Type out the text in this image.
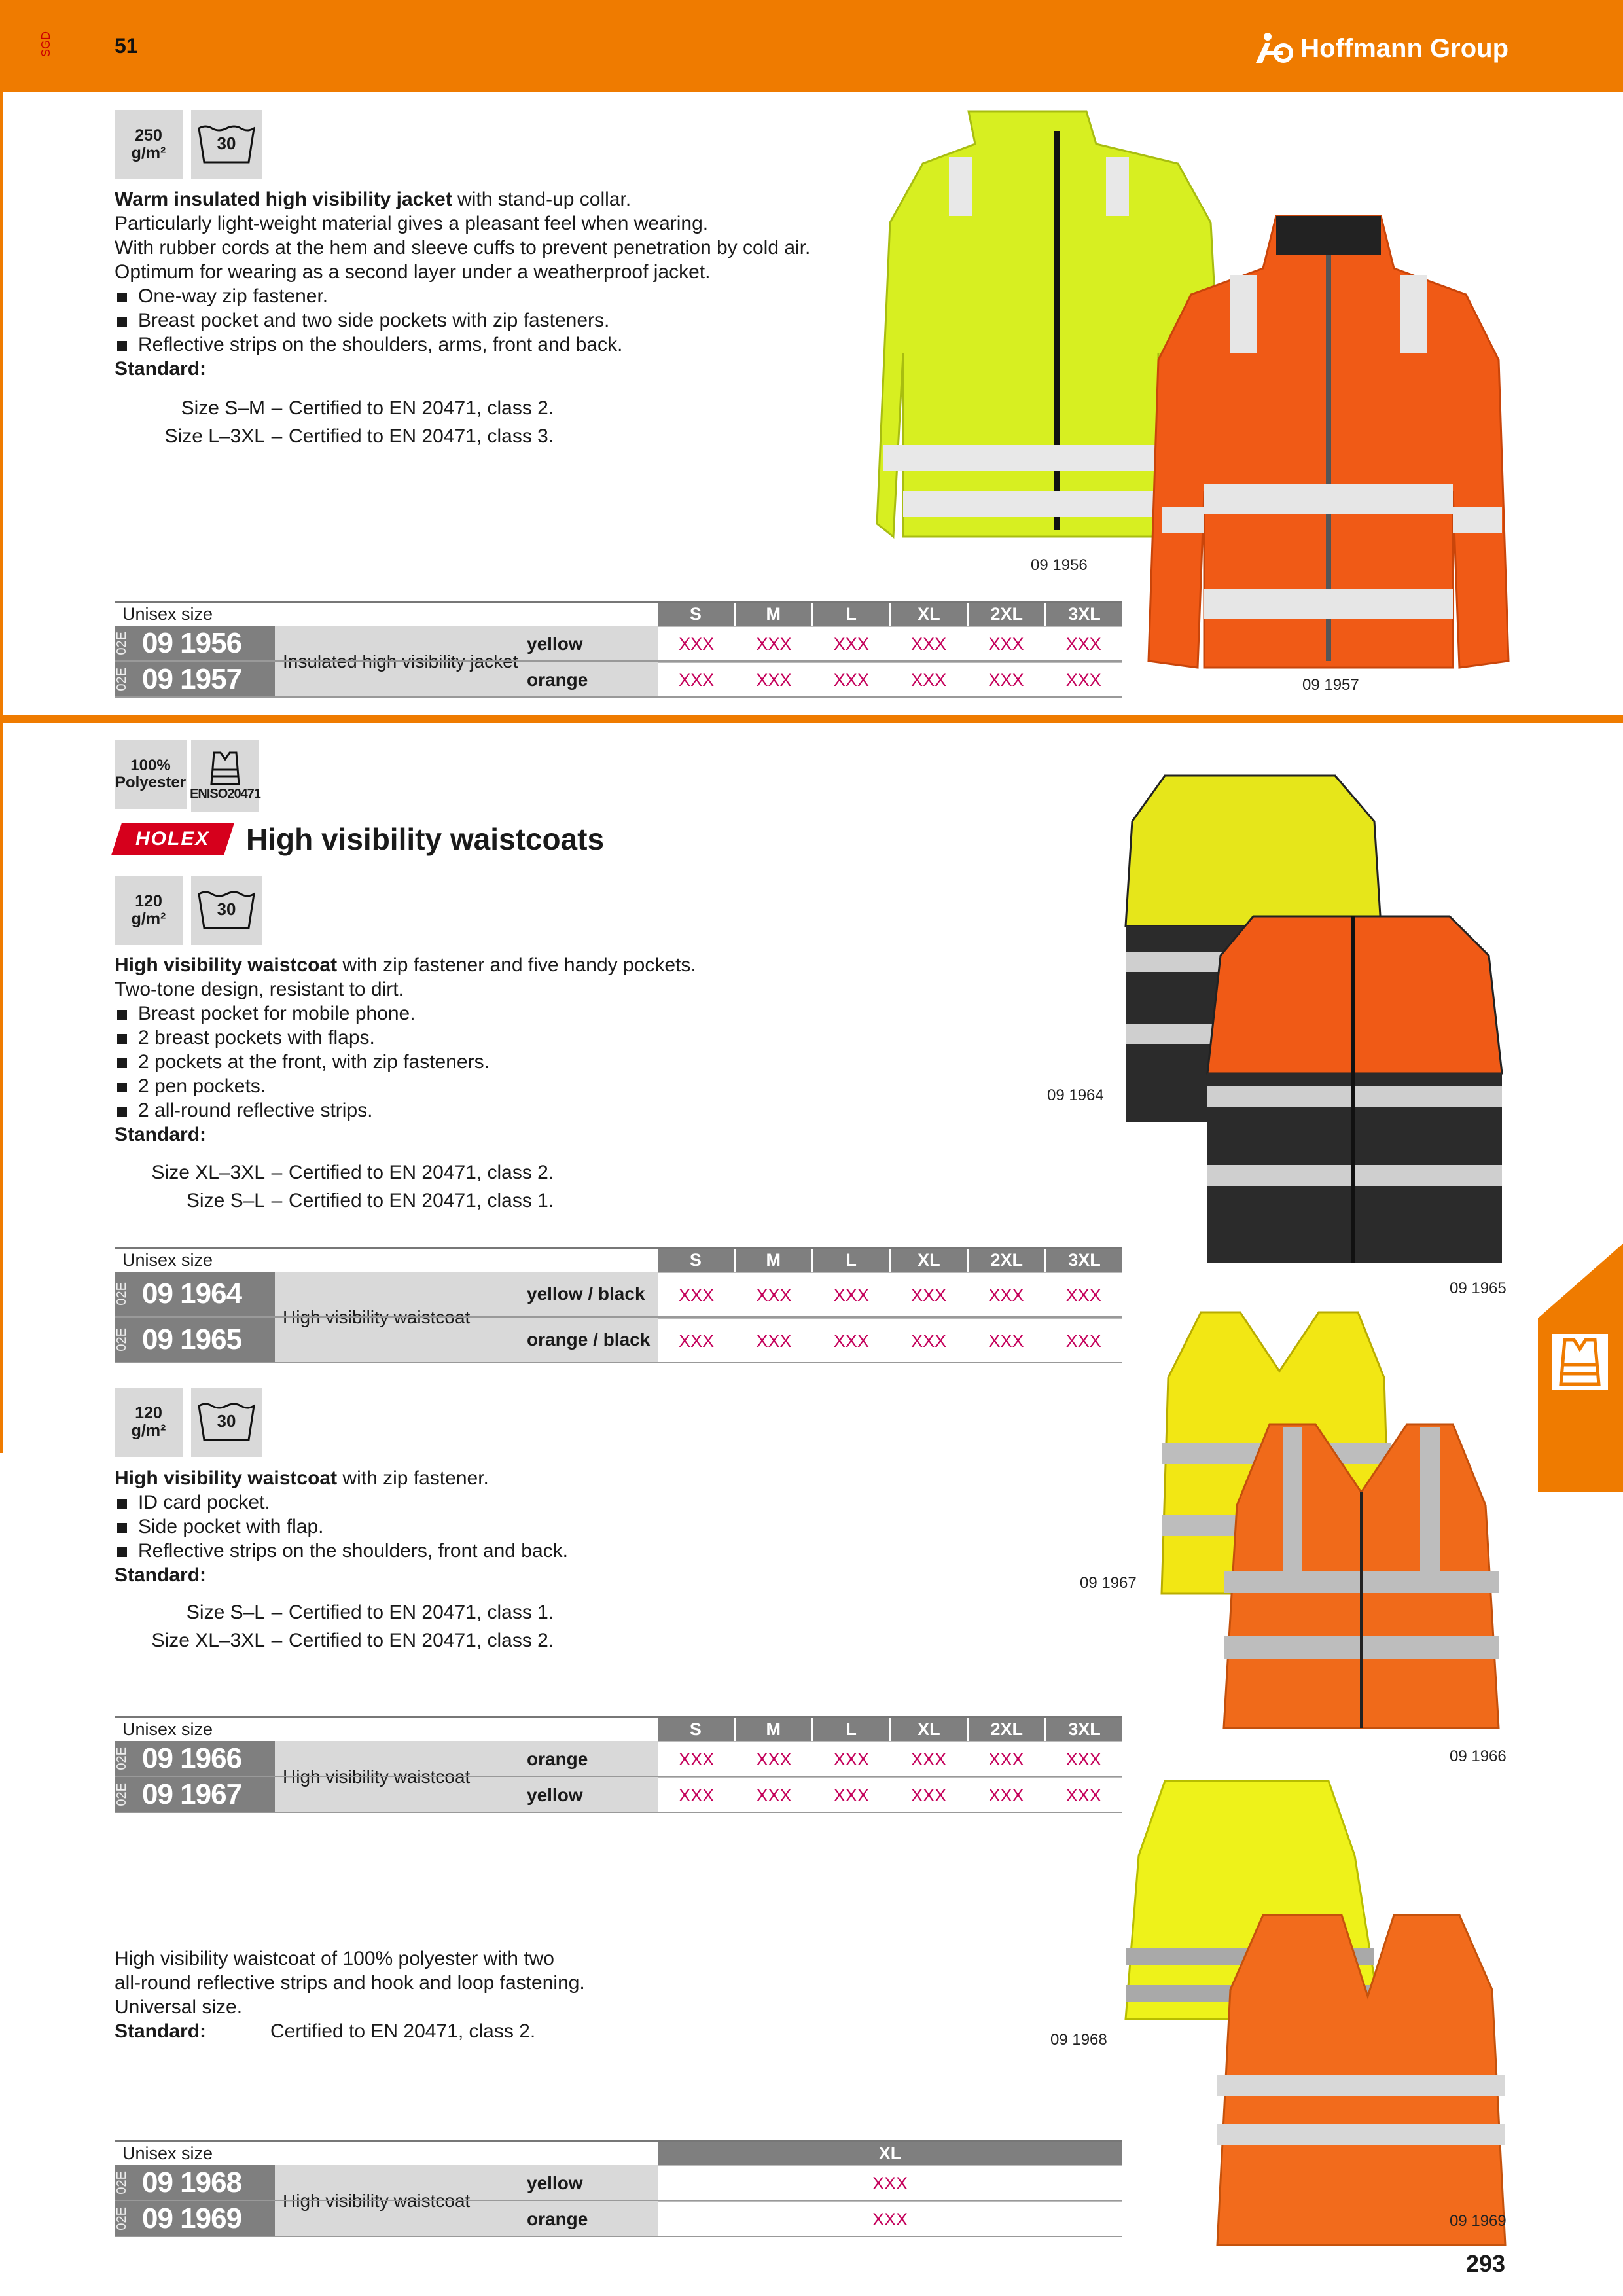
SGD	51	Hoffmann Group
250
g/m²	30
Warm insulated high visibility jacket with stand-up collar.
Particularly light-weight material gives a pleasant feel when wearing.
With rubber cords at the hem and sleeve cuffs to prevent penetration by cold air.
Optimum for wearing as a second layer under a weatherproof jacket.
One-way zip fastener.
Breast pocket and two side pockets with zip fasteners.
Reflective strips on the shoulders, arms, front and back.
Standard:
Size S–M – Certified to EN 20471, class 2.
Size L–3XL – Certified to EN 20471, class 3.
09 1956
09 1957
Unisex size	S	M	L	XL	2XL	3XL
Insulated high visibility jacket
02E 09 1956	yellow	XXX	XXX	XXX	XXX	XXX	XXX
02E 09 1957	orange	XXX	XXX	XXX	XXX	XXX	XXX
100%
Polyester
ENISO20471
HOLEX High visibility waistcoats
120
g/m²	30
High visibility waistcoat with zip fastener and five handy pockets.
Two-tone design, resistant to dirt.
Breast pocket for mobile phone.
2 breast pockets with flaps.
2 pockets at the front, with zip fasteners.
2 pen pockets.
2 all-round reflective strips.
Standard:
Size XL–3XL – Certified to EN 20471, class 2.
Size S–L – Certified to EN 20471, class 1.
09 1964
09 1965
Unisex size	S	M	L	XL	2XL	3XL
High visibility waistcoat
02E 09 1964	yellow / black	XXX	XXX	XXX	XXX	XXX	XXX
02E 09 1965	orange / black	XXX	XXX	XXX	XXX	XXX	XXX
120
g/m²	30
High visibility waistcoat with zip fastener.
ID card pocket.
Side pocket with flap.
Reflective strips on the shoulders, front and back.
Standard:
Size S–L – Certified to EN 20471, class 1.
Size XL–3XL – Certified to EN 20471, class 2.
09 1967
09 1966
Unisex size	S	M	L	XL	2XL	3XL
High visibility waistcoat
02E 09 1966	orange	XXX	XXX	XXX	XXX	XXX	XXX
02E 09 1967	yellow	XXX	XXX	XXX	XXX	XXX	XXX
High visibility waistcoat of 100% polyester with two
all-round reflective strips and hook and loop fastening.
Universal size.
Standard:	Certified to EN 20471, class 2.	09 1968
09 1969
Unisex size	XL
High visibility waistcoat
02E 09 1968	yellow	XXX
02E 09 1969	orange	XXX
293
